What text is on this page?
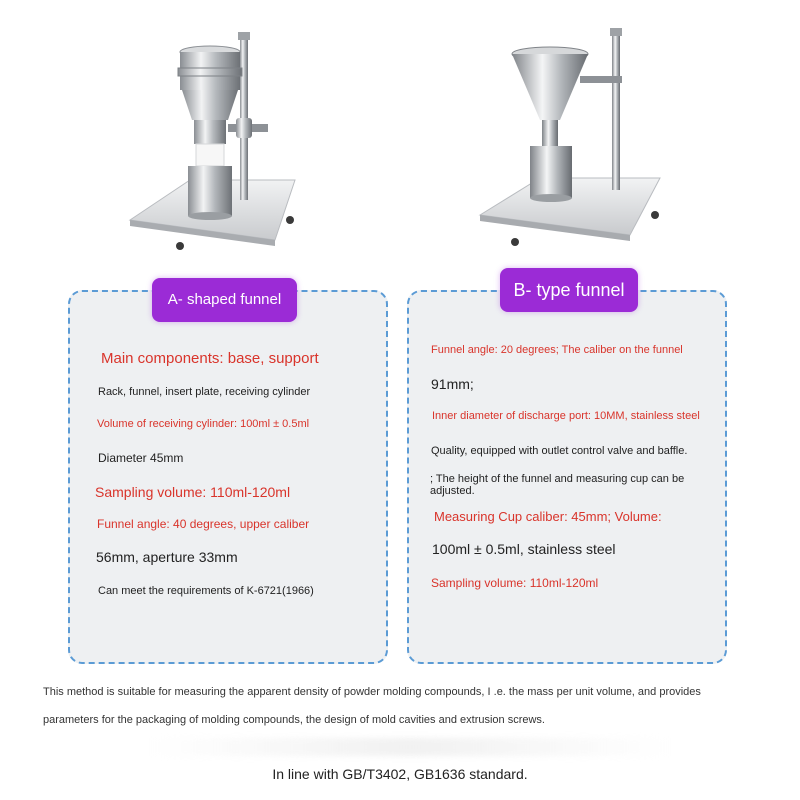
A- shaped funnel
Main components: base, support
Rack, funnel, insert plate, receiving cylinder
Volume of receiving cylinder: 100ml ± 0.5ml
Diameter 45mm
Sampling volume: 110ml-120ml
Funnel angle: 40 degrees, upper caliber
56mm, aperture 33mm
Can meet the requirements of K-6721(1966)
B- type funnel
Funnel angle: 20 degrees; The caliber on the funnel
91mm;
Inner diameter of discharge port: 10MM, stainless steel
Quality, equipped with outlet control valve and baffle.
; The height of the funnel and measuring cup can be
adjusted.
Measuring Cup caliber: 45mm; Volume:
100ml ± 0.5ml, stainless steel
Sampling volume: 110ml-120ml
This method is suitable for measuring the apparent density of powder molding compounds, I .e. the mass per unit volume, and provides
parameters for the packaging of molding compounds, the design of mold cavities and extrusion screws.
In line with GB/T3402, GB1636 standard.
